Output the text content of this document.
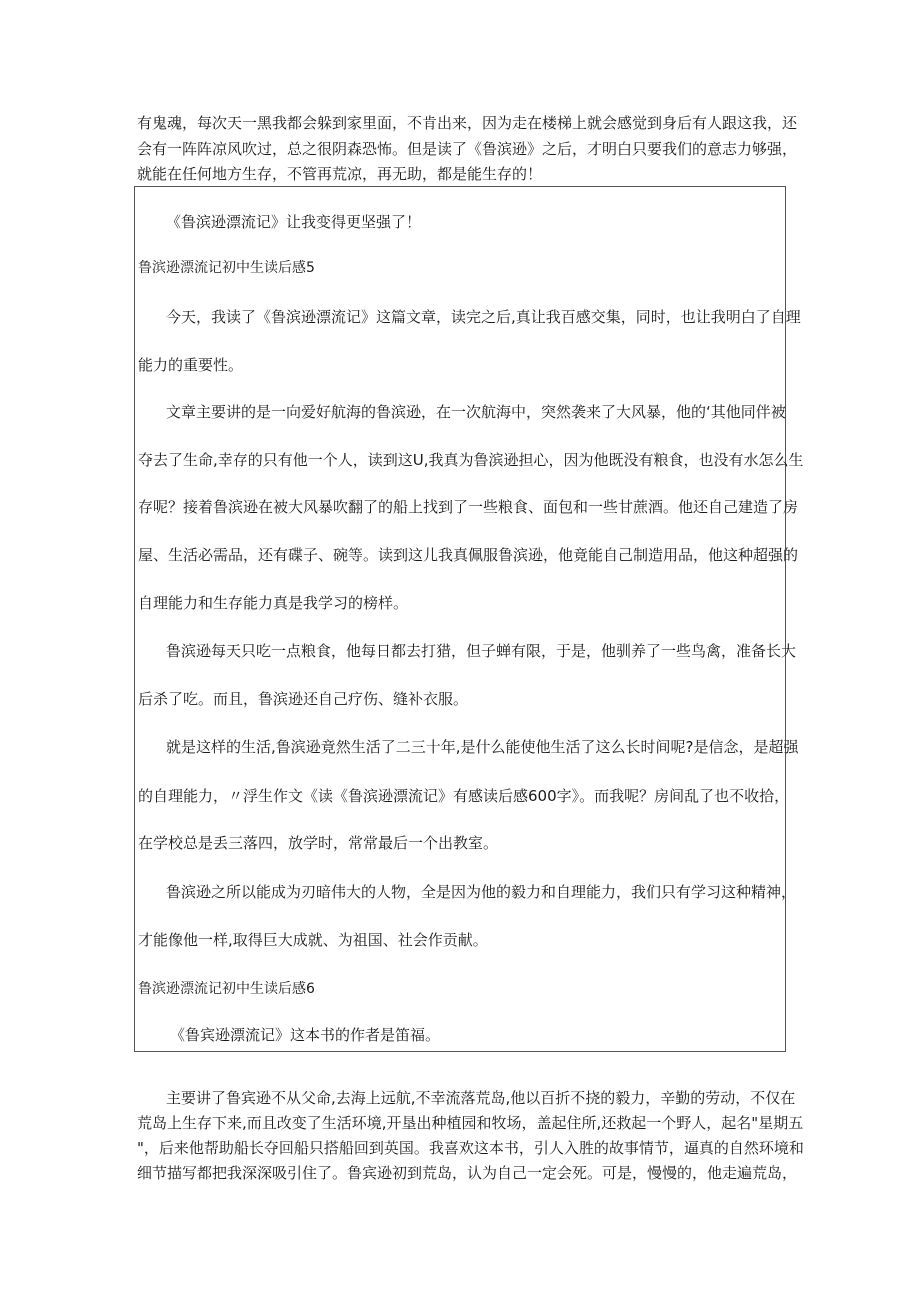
有鬼魂，每次天一黑我都会躲到家里面，不肯出来，因为走在楼梯上就会感觉到身后有人跟这我，还

会有一阵阵凉风吹过，总之很阴森恐怖。但是读了《鲁滨逊》之后，才明白只要我们的意志力够强，

就能在任何地方生存，不管再荒凉，再无助，都是能生存的！

《鲁滨逊漂流记》让我变得更坚强了！

鲁滨逊漂流记初中生读后感5

今天，我读了《鲁滨逊漂流记》这篇文章，读完之后,真让我百感交集，同时，也让我明白了自理

能力的重要性。

文章主要讲的是一向爱好航海的鲁滨逊，在一次航海中，突然袭来了大风暴，他的‘其他同伴被

夺去了生命,幸存的只有他一个人，读到这U,我真为鲁滨逊担心，因为他既没有粮食，也没有水怎么生

存呢？接着鲁滨逊在被大风暴吹翻了的船上找到了一些粮食、面包和一些甘蔗酒。他还自己建造了房

屋、生活必需品，还有碟子、碗等。读到这儿我真佩服鲁滨逊，他竟能自己制造用品，他这种超强的

自理能力和生存能力真是我学习的榜样。

鲁滨逊每天只吃一点粮食，他每日都去打猎，但子蝉有限，于是，他驯养了一些鸟禽，准备长大

后杀了吃。而且，鲁滨逊还自己疗伤、缝补衣服。

就是这样的生活,鲁滨逊竟然生活了二三十年,是什么能使他生活了这么长时间呢?是信念，是超强

的自理能力，〃浮生作文《读《鲁滨逊漂流记》有感读后感600字》。而我呢？房间乱了也不收拾，

在学校总是丢三落四，放学时，常常最后一个出教室。

鲁滨逊之所以能成为刃暗伟大的人物，全是因为他的毅力和自理能力，我们只有学习这种精神，

才能像他一样,取得巨大成就、为祖国、社会作贡献。

鲁滨逊漂流记初中生读后感6

《鲁宾逊漂流记》这本书的作者是笛福。

主要讲了鲁宾逊不从父命,去海上远航,不幸流落荒岛,他以百折不挠的毅力，辛勤的劳动，不仅在

荒岛上生存下来,而且改变了生活环境,开垦出种植园和牧场，盖起住所,还救起一个野人，起名"星期五

"，后来他帮助船长夺回船只搭船回到英国。我喜欢这本书，引人入胜的故事情节，逼真的自然环境和

细节描写都把我深深吸引住了。鲁宾逊初到荒岛，认为自己一定会死。可是，慢慢的，他走遍荒岛，
